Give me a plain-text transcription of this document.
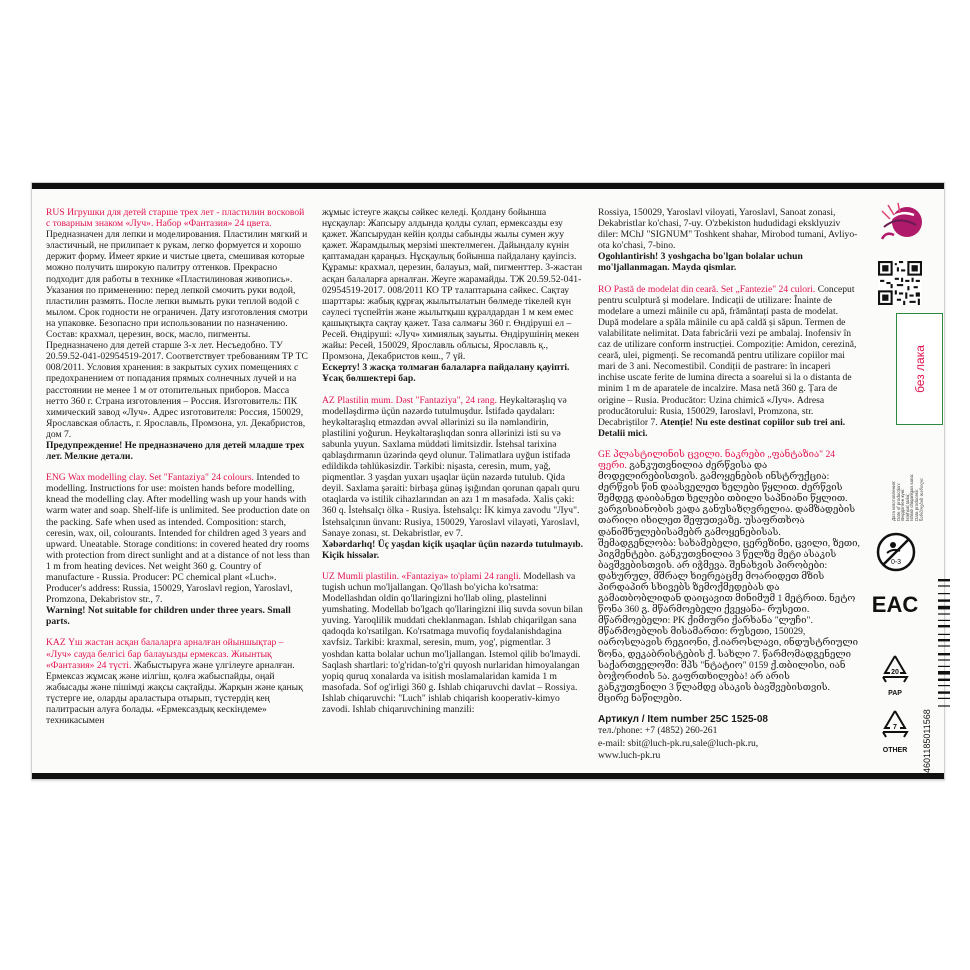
RUS Игрушки для детей старше трех лет - пластилин восковой с товарным знаком «Луч». Набор «Фантазия» 24 цвета. Предназначен для лепки и моделирования. Пластилин мягкий и эластичный, не прилипает к рукам, легко формуется и хорошо держит форму. Имеет яркие и чистые цвета, смешивая которые можно получить широкую палитру оттенков. Прекрасно подходит для работы в технике «Пластилиновая живопись». Указания по применению: перед лепкой смочить руки водой, пластилин размять. После лепки вымыть руки теплой водой с мылом. Срок годности не ограничен. Дату изготовления смотри на упаковке. Безопасно при использовании по назначению. Состав: крахмал, церезин, воск, масло, пигменты. Предназначено для детей старше 3-х лет. Несъедобно. ТУ 20.59.52-041-02954519-2017. Соответствует требованиям ТР ТС 008/2011. Условия хранения: в закрытых сухих помещениях с предохранением от попадания прямых солнечных лучей и на расстоянии не менее 1 м от отопительных приборов. Масса нетто 360 г. Страна изготовления – Россия. Изготовитель: ПК химический завод «Луч». Адрес изготовителя: Россия, 150029, Ярославская область, г. Ярославль, Промзона, ул. Декабристов, дом 7.

Предупреждение! Не предназначено для детей младше трех лет. Мелкие детали.

ENG Wax modelling clay. Set "Fantaziya" 24 colours. Intended to modelling. Instructions for use: moisten hands before modelling, knead the modelling clay. After modelling wash up your hands with warm water and soap. Shelf-life is unlimited. See production date on the packing. Safe when used as intended. Composition: starch, ceresin, wax, oil, colourants. Intended for children aged 3 years and upward. Uneatable. Storage conditions: in covered heated dry rooms with protection from direct sunlight and at a distance of not less than 1 m from heating devices. Net weight 360 g. Country of manufacture - Russia. Producer: PC chemical plant «Luch». Producer's address: Russia, 150029, Yaroslavl region, Yaroslavl, Promzona, Dekabristov str., 7.

Warning! Not suitable for children under three years. Small parts.

KAZ Үш жастан асқан балаларға арналған ойыншықтар – «Луч» сауда белгісі бар балауызды ермексаз. Жиынтық «Фантазия» 24 түсті. Жабыстыруға және үлгілеуге арналған. Ермексаз жұмсақ және иілгіш, қолға жабыспайды, оңай жабысады және пішімді жақсы сақтайды. Жарқын және қанық түстерге ие, оларды араластыра отырып, түстердің кең палитрасын алуға болады. «Ермексаздық кескіндеме» техникасымен

жұмыс істеуге жақсы сәйкес келеді. Қолдану бойынша нұсқаулар: Жапсыру алдында қолды сулап, ермексазды езу қажет. Жапсырудан кейін қолды сабынды жылы сумен жуу қажет. Жарамдылық мерзімі шектелмеген. Дайындалу күнін қаптамадан қараңыз. Нұсқаулық бойынша пайдалану қауіпсіз. Құрамы: крахмал, церезин, балауыз, май, пигменттер. 3-жастан асқан балаларға арналған. Жеуге жарамайды. ТЖ 20.59.52-041-02954519-2017. 008/2011 КО ТР талаптарына сәйкес. Сақтау шарттары: жабық құрғақ жылытылатын бөлмеде тікелей күн сәулесі түспейтін және жылытқыш құралдардан 1 м кем емес қашықтықта сақтау қажет. Таза салмағы 360 г. Өндіруші ел – Ресей. Өндіруші: «Луч» химиялық зауыты. Өндірушінің мекен жайы: Ресей, 150029, Ярославль облысы, Ярославль қ., Промзона, Декабристов көш., 7 үй.

Ескерту! 3 жасқа толмаған балаларға пайдалану қауіпті. Ұсақ бөлшектері бар.

AZ Plastilin mum. Dəst "Fantaziya", 24 rəng. Heykəltəraşlıq və modelləşdirmə üçün nəzərdə tutulmuşdur. İstifadə qaydaları: heykəltəraşlıq etməzdən əvvəl əllərinizi su ilə nəmləndirin, plastilini yoğurun. Heykəltəraşlıqdan sonra əllərinizi isti su və sabunla yuyun. Saxlama müddəti limitsizdir. İstehsal tarixinə qablaşdırmanın üzərində qeyd olunur. Təlimatlara uyğun istifadə edildikdə təhlükəsizdir. Tərkibi: nişasta, ceresin, mum, yağ, piqmentlər. 3 yaşdan yuxarı uşaqlar üçün nəzərdə tutulub. Qida deyil. Saxlama şəraiti: birbaşa günəş işığından qorunan qapalı quru otaqlarda və istilik cihazlarından ən azı 1 m məsafədə. Xalis çəki: 360 q. İstehsalçı ölkə - Rusiya. İstehsalçı: İK kimya zavodu "Луч". İstehsalçının ünvanı: Rusiya, 150029, Yaroslavl vilayəti, Yaroslavl, Sənaye zonası, st. Dekabristlər, ev 7.

Xəbərdarlıq! Üç yaşdan kiçik uşaqlar üçün nəzərdə tutulmayıb. Kiçik hissələr.

UZ Mumli plastilin. «Fantaziya» to'plami 24 rangli. Modellash va tugish uchun mo'ljallangan. Qo'llash bo'yicha ko'rsatma: Modellashdan oldin qo'llaringizni ho'llab oling, plastelinni yumshating. Modellab bo'lgach qo'llaringizni iliq suvda sovun bilan yuving. Yaroqlilik muddati cheklanmagan. Ishlab chiqarilgan sana qadoqda ko'rsatilgan. Ko'rsatmaga muvofiq foydalanishdagina xavfsiz. Tarkibi: kraxmal, seresin, mum, yog', pigmentlar. 3 yoshdan katta bolalar uchun mo'ljallangan. Istemol qilib bo'lmaydi. Saqlash shartlari: to'g'ridan-to'g'ri quyosh nurlaridan himoyalangan yopiq quruq xonalarda va isitish moslamalaridan kamida 1 m masofada. Sof og'irligi 360 g. Ishlab chiqaruvchi davlat – Rossiya. Ishlab chiqaruvchi: "Luch" ishlab chiqarish kooperativ-kimyo zavodi. Ishlab chiqaruvchining manzili:

Rossiya, 150029, Yaroslavl viloyati, Yaroslavl, Sanoat zonasi, Dekabristlar ko'chasi, 7-uy. O'zbekiston hududidagi eksklyuziv diler: MChJ "SIGNUM" Toshkent shahar, Mirobod tumani, Avliyo-ota ko'chasi, 7-bino.

Ogohlantirish! 3 yoshgacha bo'lgan bolalar uchun mo'ljallanmagan. Mayda qismlar.

RO Pastă de modelat din ceară. Set „Fantezie" 24 culori. Conceput pentru sculptură și modelare. Indicații de utilizare: Înainte de modelare a umezi mâinile cu apă, frământați pasta de modelat. După modelare a spăla mâinile cu apă caldă și săpun. Termen de valabilitate nelimitat. Data fabricării vezi pe ambalaj. Inofensiv în caz de utilizare conform instrucției. Compoziție: Amidon, cerezină, ceară, ulei, pigmenți. Se recomandă pentru utilizare copiilor mai mari de 3 ani. Necomestibil. Condiții de pastrare: în incaperi inchise uscate ferite de lumina directa a soarelui si la o distanta de minim 1 m de aparatele de incalzire. Masa netă 360 g. Țara de origine – Rusia. Producător: Uzina chimică «Луч». Adresa producătorului: Rusia, 150029, Iaroslavl, Promzona, str. Decabriștilor 7. Atenție! Nu este destinat copiilor sub trei ani. Detalii mici.

GE პლასტილინის ცვილი. ნაკრები „ფანტაზია" 24 ფერი. განკუთვნილია ძერწვისა და მოდელირებისთვის. გამოყენების ინსტრუქცია: ძერწვის წინ დაასველეთ ხელები წყლით. ძერწვის შემდეგ დაიბანეთ ხელები თბილი საპნიანი წყლით. ვარგისიანობის ვადა განუსაზღვრელია. დამზადების თარიღი იხილეთ შეფუთვაზე. უსაფრთხოა დანიშნულებისამებრ გამოყენებისას. შემადგენლობა: სახამებელი, ცერეზინი, ცვილი, ზეთი, პიგმენტები. განკუთვნილია 3 წელზე მეტი ასაკის ბავშვებისთვის. არ იჭმევა. შენახვის პირობები: დახურულ, მშრალ ხიერეაცმე მოარიდეთ მზის პირდაპირ სხივებს ზემოქმედებას და გამათბობლიდან დაიცავით მინიმუმ 1 მეტრით. ნეტო წონა 360 გ. მწარმოებელი ქვეყანა- რუსეთი. მწარმოებელი: PK ქიმიური ქარხანა "ლუჩი". მწარმოებლის მისამართი: რუსეთი, 150029, იაროსლავის რეგიონი, ქ.იაროსლავი, ინდუსტრიული ზონა, დეკაბრისტების ქ. სახლი 7. წარმომადგენელი საქართველოში: შპს "ნტატიო" 0159 ქ.თბილისი, იან ბოჭორიძის 5ა. გაფრთხილება! არ არის განკუთვნილი 3 წლამდე ასაკის ბავშვებისთვის. მცირე ნაწილები.

Артикул / Item number 25С 1525-08
тел./phone: +7 (4852) 260-261
e-mail: sbit@luch-pk.ru,sale@luch-pk.ru,
www.luch-pk.ru
без лака
Дата изготовления:
Date of production:
Өндірілген күні:
İstehsal tarixi:
Ishlab chiqarilgan sana:
Data producerii:
წარმოების თარიღი:
0-3
EAC
20
PAP
7
OTHER 4601185011568
